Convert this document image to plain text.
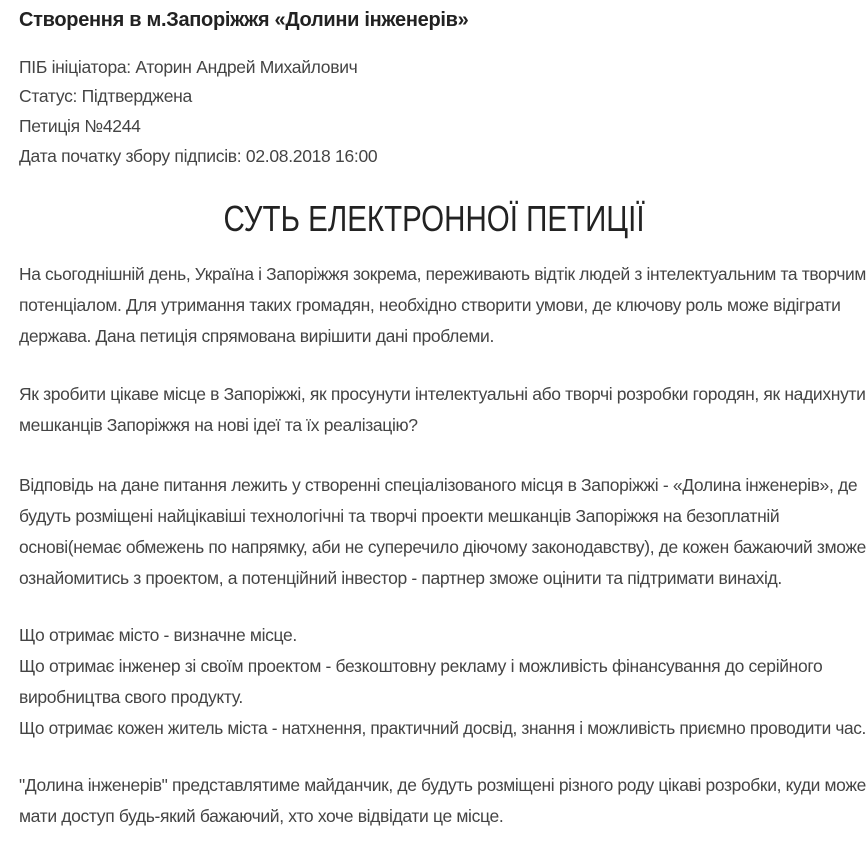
Створення в м.Запоріжжя «Долини інженерів»
ПІБ ініціатора: Аторин Андрей Михайлович
Статус: Підтверджена
Петиція №4244
Дата початку збору підписів: 02.08.2018 16:00
СУТЬ ЕЛЕКТРОННОЇ ПЕТИЦІЇ
На сьогоднішній день, Україна і Запоріжжя зокрема, переживають відтік людей з інтелектуальним та творчим
потенціалом. Для утримання таких громадян, необхідно створити умови, де ключову роль може відіграти
держава. Дана петиція спрямована вирішити дані проблеми.
Як зробити цікаве місце в Запоріжжі, як просунути інтелектуальні або творчі розробки городян, як надихнути
мешканців Запоріжжя на нові ідеї та їх реалізацію?
Відповідь на дане питання лежить у створенні спеціалізованого місця в Запоріжжі - «Долина інженерів», де
будуть розміщені найцікавіші технологічні та творчі проекти мешканців Запоріжжя на безоплатній
основі(немає обмежень по напрямку, аби не суперечило діючому законодавству), де кожен бажаючий зможе
ознайомитись з проектом, а потенційний інвестор - партнер зможе оцінити та підтримати винахід.
Що отримає місто - визначне місце.
Що отримає інженер зі своїм проектом - безкоштовну рекламу і можливість фінансування до серійного
виробництва свого продукту.
Що отримає кожен житель міста - натхнення, практичний досвід, знання і можливість приємно проводити час.
"Долина інженерів" представлятиме майданчик, де будуть розміщені різного роду цікаві розробки, куди може
мати доступ будь-який бажаючий, хто хоче відвідати це місце.
